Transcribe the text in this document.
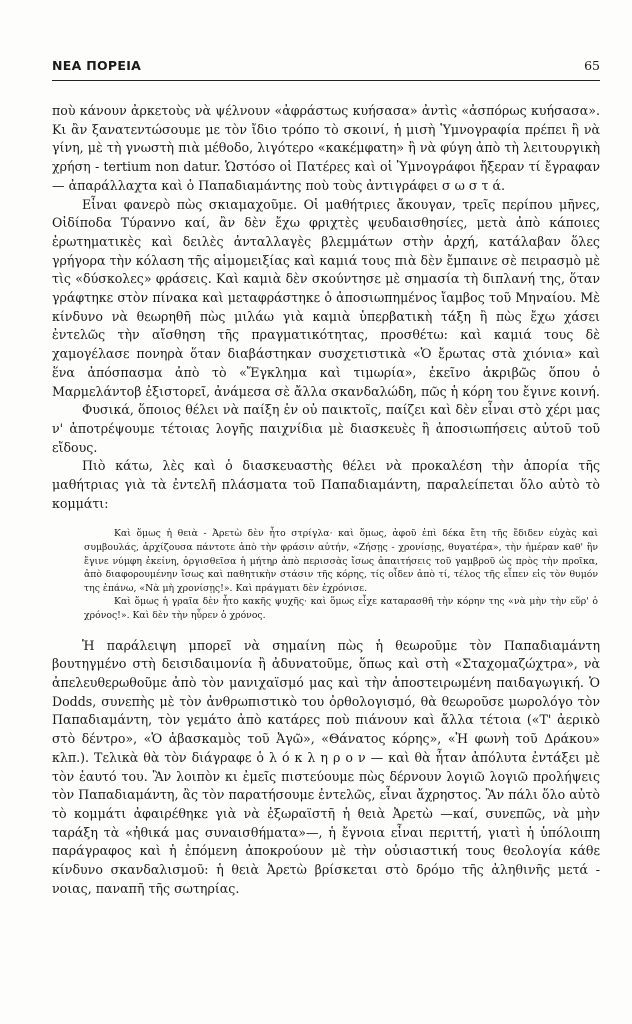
ΝΕΑ ΠΟΡΕΙΑ	65

ποὺ κάνουν ἀρκετοὺς νὰ ψέλνουν «ἀφράστως κυήσασα» ἀντὶς «ἀσπόρως κυήσασα». Κι ἂν ξανατεντώσουμε με τὸν ἴδιο τρόπο τὸ σκοινί, ἡ μισὴ Ὑμνογραφία πρέπει ἢ νὰ γίνη, μὲ τὴ γνωστὴ πιὰ μέθοδο, λιγότερο «κακέμφατη» ἢ νὰ φύγη ἀπὸ τὴ λειτουργικὴ χρήση - tertium non datur. Ὡστόσο οἱ Πατέρες καὶ οἱ Ὑμνογράφοι ἤξεραν τί ἔγραφαν — ἀπαράλλαχτα καὶ ὁ Παπαδιαμάντης ποὺ τοὺς ἀντιγράφει σ ω σ τ ά.

Εἶναι φανερὸ πὼς σκιαμαχοῦμε. Οἱ μαθήτριες ἄκουγαν, τρεῖς περίπου μῆνες, Οἰδίποδα Τύραννο καί, ἂν δὲν ἔχω φριχτὲς ψευδαισθησίες, μετὰ ἀπὸ κάποιες ἐρωτηματικὲς καὶ δειλὲς ἀνταλλαγὲς βλεμμάτων στὴν ἀρχή, κατάλαβαν ὅλες γρήγορα τὴν κόλαση τῆς αἱμομειξίας καὶ καμιά τους πιὰ δὲν ἔμπαινε σὲ πειρασμὸ μὲ τὶς «δύσκολες» φράσεις. Καὶ καμιὰ δὲν σκούντησε μὲ σημασία τὴ διπλανή της, ὅταν γράφτηκε στὸν πίνακα καὶ μεταφράστηκε ὁ ἀποσιωπημένος ἴαμβος τοῦ Μηναίου. Μὲ κίνδυνο νὰ θεωρηθῆ πὼς μιλάω γιὰ καμιὰ ὑπερβατικὴ τάξη ἢ πὼς ἔχω χάσει ἐντελῶς τὴν αἴσθηση τῆς πραγματικότητας, προσθέτω: καὶ καμιά τους δὲ χαμογέλασε πονηρὰ ὅταν διαβάστηκαν συσχετιστικὰ «Ὁ ἔρωτας στὰ χιόνια» καὶ ἕνα ἀπόσπασμα ἀπὸ τὸ «Ἔγκλημα καὶ τιμωρία», ἐκεῖνο ἀκριβῶς ὅπου ὁ Μαρμελάντοβ ἐξιστορεῖ, ἀνάμεσα σὲ ἄλλα σκανδαλώδη, πῶς ἡ κόρη του ἔγινε κοινή.

Φυσικά, ὅποιος θέλει νὰ παίξη ἐν οὐ παικτοῖς, παίζει καὶ δὲν εἶναι στὸ χέρι μας ν' ἀποτρέψουμε τέτοιας λογῆς παιχνίδια μὲ διασκευὲς ἢ ἀποσιωπήσεις αὐτοῦ τοῦ εἴδους.

Πιὸ κάτω, λὲς καὶ ὁ διασκευαστὴς θέλει νὰ προκαλέση τὴν ἀπορία τῆς μαθήτριας γιὰ τὰ ἐντελῆ πλάσματα τοῦ Παπαδιαμάντη, παραλείπεται ὅλο αὐτὸ τὸ κομμάτι:

Καὶ ὅμως ἡ θειὰ - Ἀρετὼ δὲν ἦτο στρίγλα· καὶ ὅμως, ἀφοῦ ἐπὶ δέκα ἔτη τῆς ἔδιδεν εὐχὰς καὶ συμβουλάς, ἀρχίζουσα πάντοτε ἀπὸ τὴν φράσιν αὐτήν, «Ζήσῃς - χρονίσῃς, θυγατέρα», τὴν ἡμέραν καθ' ἣν ἔγινε νύμφη ἐκείνη, ὀργισθεῖσα ἡ μήτηρ ἀπὸ περισσὰς ἴσως ἀπαιτήσεις τοῦ γαμβροῦ ὡς πρὸς τὴν προῖκα, ἀπὸ διαφορουμένην ἴσως καὶ παθητικὴν στάσιν τῆς κόρης, τίς οἶδεν ἀπὸ τί, τέλος τῆς εἶπεν εἰς τὸν θυμόν της ἐπάνω, «Νὰ μὴ χρονίσῃς!». Καὶ πράγματι δὲν ἐχρόνισε.

Καὶ ὅμως ἡ γραῖα δὲν ἦτο κακῆς ψυχῆς· καὶ ὅμως εἶχε καταρασθῆ τὴν κόρην της «νὰ μὴν τὴν εὕρ' ὁ χρόνος!». Καὶ δὲν τὴν ηὗρεν ὁ χρόνος.

Ἡ παράλειψη μπορεῖ νὰ σημαίνη πὼς ἡ θεωροῦμε τὸν Παπαδιαμάντη βουτηγμένο στὴ δεισιδαιμονία ἢ ἀδυνατοῦμε, ὅπως καὶ στὴ «Σταχομαζώχτρα», νὰ ἀπελευθερωθοῦμε ἀπὸ τὸν μανιχαϊσμό μας καὶ τὴν ἀποστειρωμένη παιδαγωγική. Ὁ Dodds, συνεπὴς μὲ τὸν ἀνθρωπιστικὸ του ὀρθολογισμό, θὰ θεωροῦσε μωρολόγο τὸν Παπαδιαμάντη, τὸν γεμάτο ἀπὸ κατάρες ποὺ πιάνουν καὶ ἄλλα τέτοια («Τ' ἀερικὸ στὸ δέντρο», «Ὁ ἀβασκαμὸς τοῦ Ἀγῶ», «Θάνατος κόρης», «Ἡ φωνὴ τοῦ Δράκου» κλπ.). Τελικὰ θὰ τὸν διάγραφε ὁ λ ό κ λ η ρ ο ν — καὶ θὰ ἦταν ἀπόλυτα ἐντάξει μὲ τὸν ἑαυτό του. Ἂν λοιπὸν κι ἐμεῖς πιστεύουμε πὼς δέρνουν λογιῶ λογιῶ προλήψεις τὸν Παπαδιαμάντη, ἂς τὸν παρατήσουμε ἐντελῶς, εἶναι ἄχρηστος. Ἂν πάλι ὅλο αὐτὸ τὸ κομμάτι ἀφαιρέθηκε γιὰ νὰ ἐξωραϊστῆ ἡ θειὰ Ἀρετὼ —καί, συνεπῶς, νὰ μὴν ταράξη τὰ «ἠθικά μας συναισθήματα»—, ἡ ἔγνοια εἶναι περιττή, γιατὶ ἡ ὑπόλοιπη παράγραφος καὶ ἡ ἑπόμενη ἀποκρούουν μὲ τὴν οὐσιαστική τους θεολογία κάθε κίνδυνο σκανδαλισμοῦ: ἡ θειὰ Ἀρετὼ βρίσκεται στὸ δρόμο τῆς ἀληθινῆς μετά - νοιας, παναπῆ τῆς σωτηρίας.
